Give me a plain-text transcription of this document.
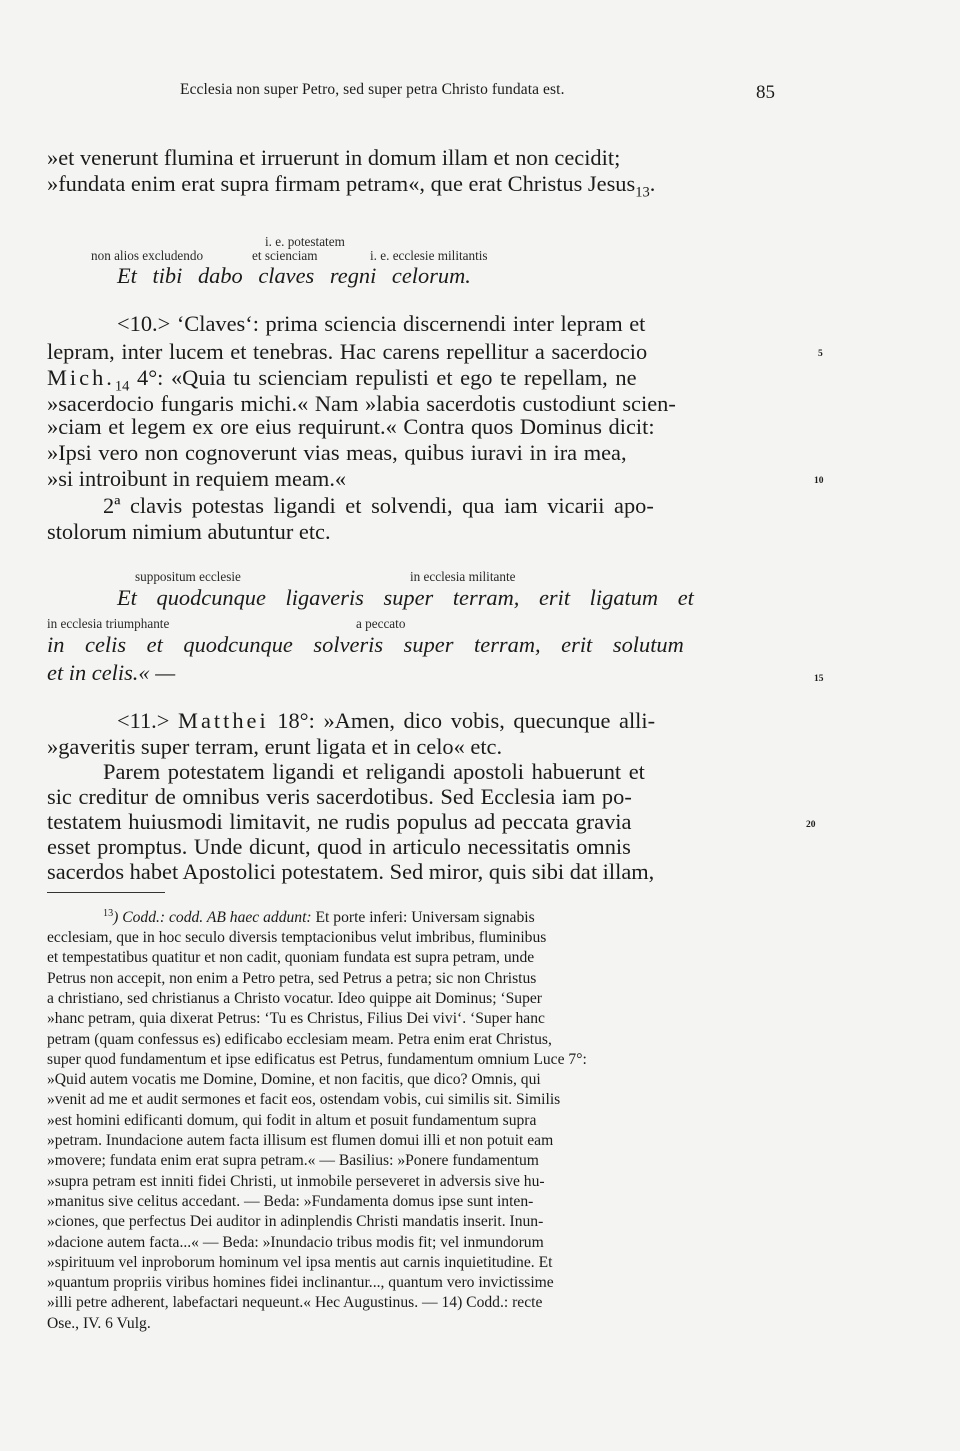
Ecclesia non super Petro, sed super petra Christo fundata est.	85
»et venerunt flumina et irruerunt in domum illam et non cecidit;
»fundata enim erat supra firmam petram«, que erat Christus Jesus$_{13}$.
i. e. potestatem
non alios excludendo	et scienciam	i. e. ecclesie militantis
Et tibi dabo claves regni celorum.
<10.> ‘Claves‘: prima sciencia discernendi inter lepram et
lepram, inter lucem et tenebras. Hac carens repellitur a sacerdocio
$Mich._{14}$ 4°: «Quia tu scienciam repulisti et ego te repellam, ne
»sacerdocio fungaris michi.« Nam »labia sacerdotis custodiunt scien-
»ciam et legem ex ore eius requirunt.« Contra quos Dominus dicit:
»Ipsi vero non cognoverunt vias meas, quibus iuravi in ira mea,
»si introibunt in requiem meam.«
2ª clavis potestas ligandi et solvendi, qua iam vicarii apo-
stolorum nimium abutuntur etc.
suppositum ecclesie	in ecclesia militante
Et quodcunque ligaveris super terram, erit ligatum et
in ecclesia triumphante	a peccato
in celis et quodcunque solveris super terram, erit solutum
et in celis.« —
<11.> Matthei 18°: »Amen, dico vobis, quecunque alli-
»gaveritis super terram, erunt ligata et in celo« etc.
Parem potestatem ligandi et religandi apostoli habuerunt et
sic creditur de omnibus veris sacerdotibus. Sed Ecclesia iam po-
testatem huiusmodi limitavit, ne rudis populus ad peccata gravia
esset promptus. Unde dicunt, quod in articulo necessitatis omnis
sacerdos habet Apostolici potestatem. Sed miror, quis sibi dat illam,
5
10
15
20
$^{13}$) Codd.: codd. AB haec addunt: Et porte inferi: Universam signabis
ecclesiam, que in hoc seculo diversis temptacionibus velut imbribus, fluminibus
et tempestatibus quatitur et non cadit, quoniam fundata est supra petram, unde
Petrus non accepit, non enim a Petro petra, sed Petrus a petra; sic non Christus
a christiano, sed christianus a Christo vocatur. Ideo quippe ait Dominus; ‘Super
»hanc petram, quia dixerat Petrus: ‘Tu es Christus, Filius Dei vivi‘. ‘Super hanc
petram (quam confessus es) edificabo ecclesiam meam. Petra enim erat Christus,
super quod fundamentum et ipse edificatus est Petrus, fundamentum omnium Luce 7°:
»Quid autem vocatis me Domine, Domine, et non facitis, que dico? Omnis, qui
»venit ad me et audit sermones et facit eos, ostendam vobis, cui similis sit. Similis
»est homini edificanti domum, qui fodit in altum et posuit fundamentum supra
»petram. Inundacione autem facta illisum est flumen domui illi et non potuit eam
»movere; fundata enim erat supra petram.« — Basilius: »Ponere fundamentum
»supra petram est inniti fidei Christi, ut inmobile perseveret in adversis sive hu-
»manitus sive celitus accedant. — Beda: »Fundamenta domus ipse sunt inten-
»ciones, que perfectus Dei auditor in adinplendis Christi mandatis inserit. Inun-
»dacione autem facta...« — Beda: »Inundacio tribus modis fit; vel inmundorum
»spirituum vel inproborum hominum vel ipsa mentis aut carnis inquietitudine. Et
»quantum propriis viribus homines fidei inclinantur..., quantum vero invictissime
»illi petre adherent, labefactari nequeunt.« Hec Augustinus. — 14) Codd.: recte
Ose., IV. 6 Vulg.
